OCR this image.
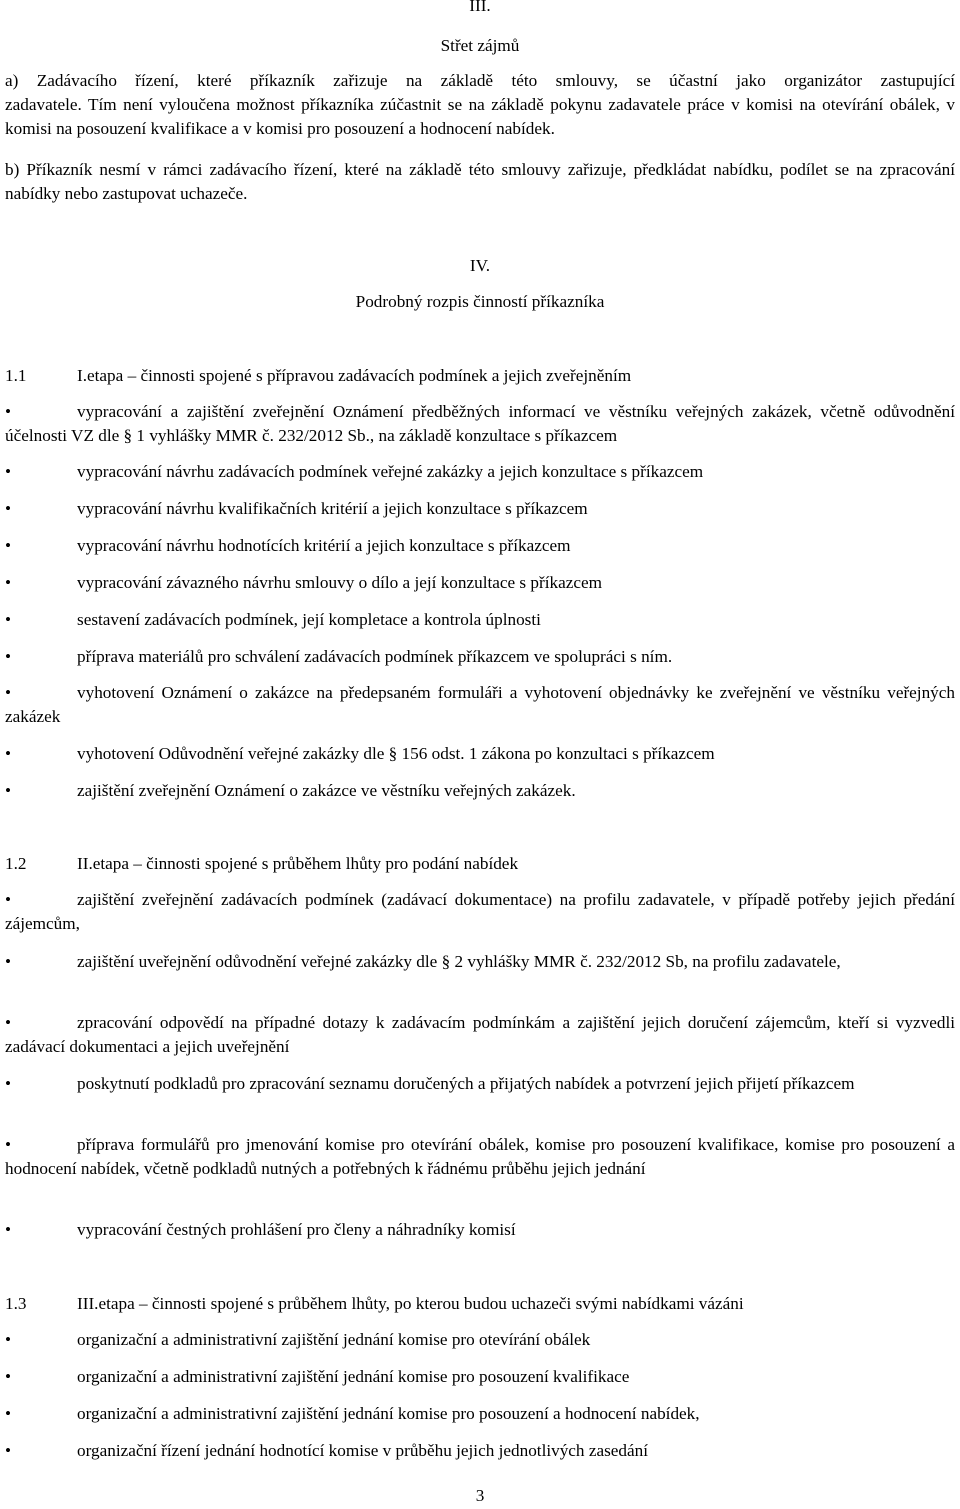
III.
Střet zájmů
a) Zadávacího řízení, které příkazník zařizuje na základě této smlouvy, se účastní jako organizátor zastupující
zadavatele. Tím není vyloučena možnost příkazníka zúčastnit se na základě pokynu zadavatele práce v komisi na otevírání obálek, v komisi na posouzení kvalifikace a v komisi pro posouzení a hodnocení nabídek.
b) Příkazník nesmí v rámci zadávacího řízení, které na základě této smlouvy zařizuje, předkládat nabídku, podílet se na zpracování nabídky nebo zastupovat uchazeče.
IV.
Podrobný rozpis činností příkazníka
1.1	I.etapa – činnosti spojené s přípravou zadávacích podmínek a jejich zveřejněním
•	vypracování a zajištění zveřejnění Oznámení předběžných informací ve věstníku veřejných zakázek, včetně odůvodnění účelnosti VZ dle § 1 vyhlášky MMR č. 232/2012 Sb., na základě konzultace s příkazcem
•	vypracování návrhu zadávacích podmínek veřejné zakázky a jejich konzultace s příkazcem
•	vypracování návrhu kvalifikačních kritérií a jejich konzultace s příkazcem
•	vypracování návrhu hodnotících kritérií a jejich konzultace s příkazcem
•	vypracování závazného návrhu smlouvy o dílo a její konzultace s příkazcem
•	sestavení zadávacích podmínek, její kompletace a kontrola úplnosti
•	příprava materiálů pro schválení zadávacích podmínek příkazcem ve spolupráci s ním.
•	vyhotovení Oznámení o zakázce na předepsaném formuláři a vyhotovení objednávky ke zveřejnění ve věstníku veřejných zakázek
•	vyhotovení Odůvodnění veřejné zakázky dle § 156 odst. 1 zákona po konzultaci s příkazcem
•	zajištění zveřejnění Oznámení o zakázce ve věstníku veřejných zakázek.
1.2	II.etapa – činnosti spojené s průběhem lhůty pro podání nabídek
•	zajištění zveřejnění zadávacích podmínek (zadávací dokumentace) na profilu zadavatele, v případě potřeby jejich předání zájemcům,
•	zajištění uveřejnění odůvodnění veřejné zakázky dle § 2 vyhlášky MMR č. 232/2012 Sb, na profilu zadavatele,
•	zpracování odpovědí na případné dotazy k zadávacím podmínkám a zajištění jejich doručení zájemcům, kteří si vyzvedli zadávací dokumentaci a jejich uveřejnění
•	poskytnutí podkladů pro zpracování seznamu doručených a přijatých nabídek a potvrzení jejich přijetí příkazcem
•	příprava formulářů pro jmenování komise pro otevírání obálek, komise pro posouzení kvalifikace, komise pro posouzení a hodnocení nabídek, včetně podkladů nutných a potřebných k řádnému průběhu jejich jednání
•	vypracování čestných prohlášení pro členy a náhradníky komisí
1.3	III.etapa – činnosti spojené s průběhem lhůty, po kterou budou uchazeči svými nabídkami vázáni
•	organizační a administrativní zajištění jednání komise pro otevírání obálek
•	organizační a administrativní zajištění jednání komise pro posouzení kvalifikace
•	organizační a administrativní zajištění jednání komise pro posouzení a hodnocení nabídek,
•	organizační řízení jednání hodnotící komise v průběhu jejich jednotlivých zasedání
3
